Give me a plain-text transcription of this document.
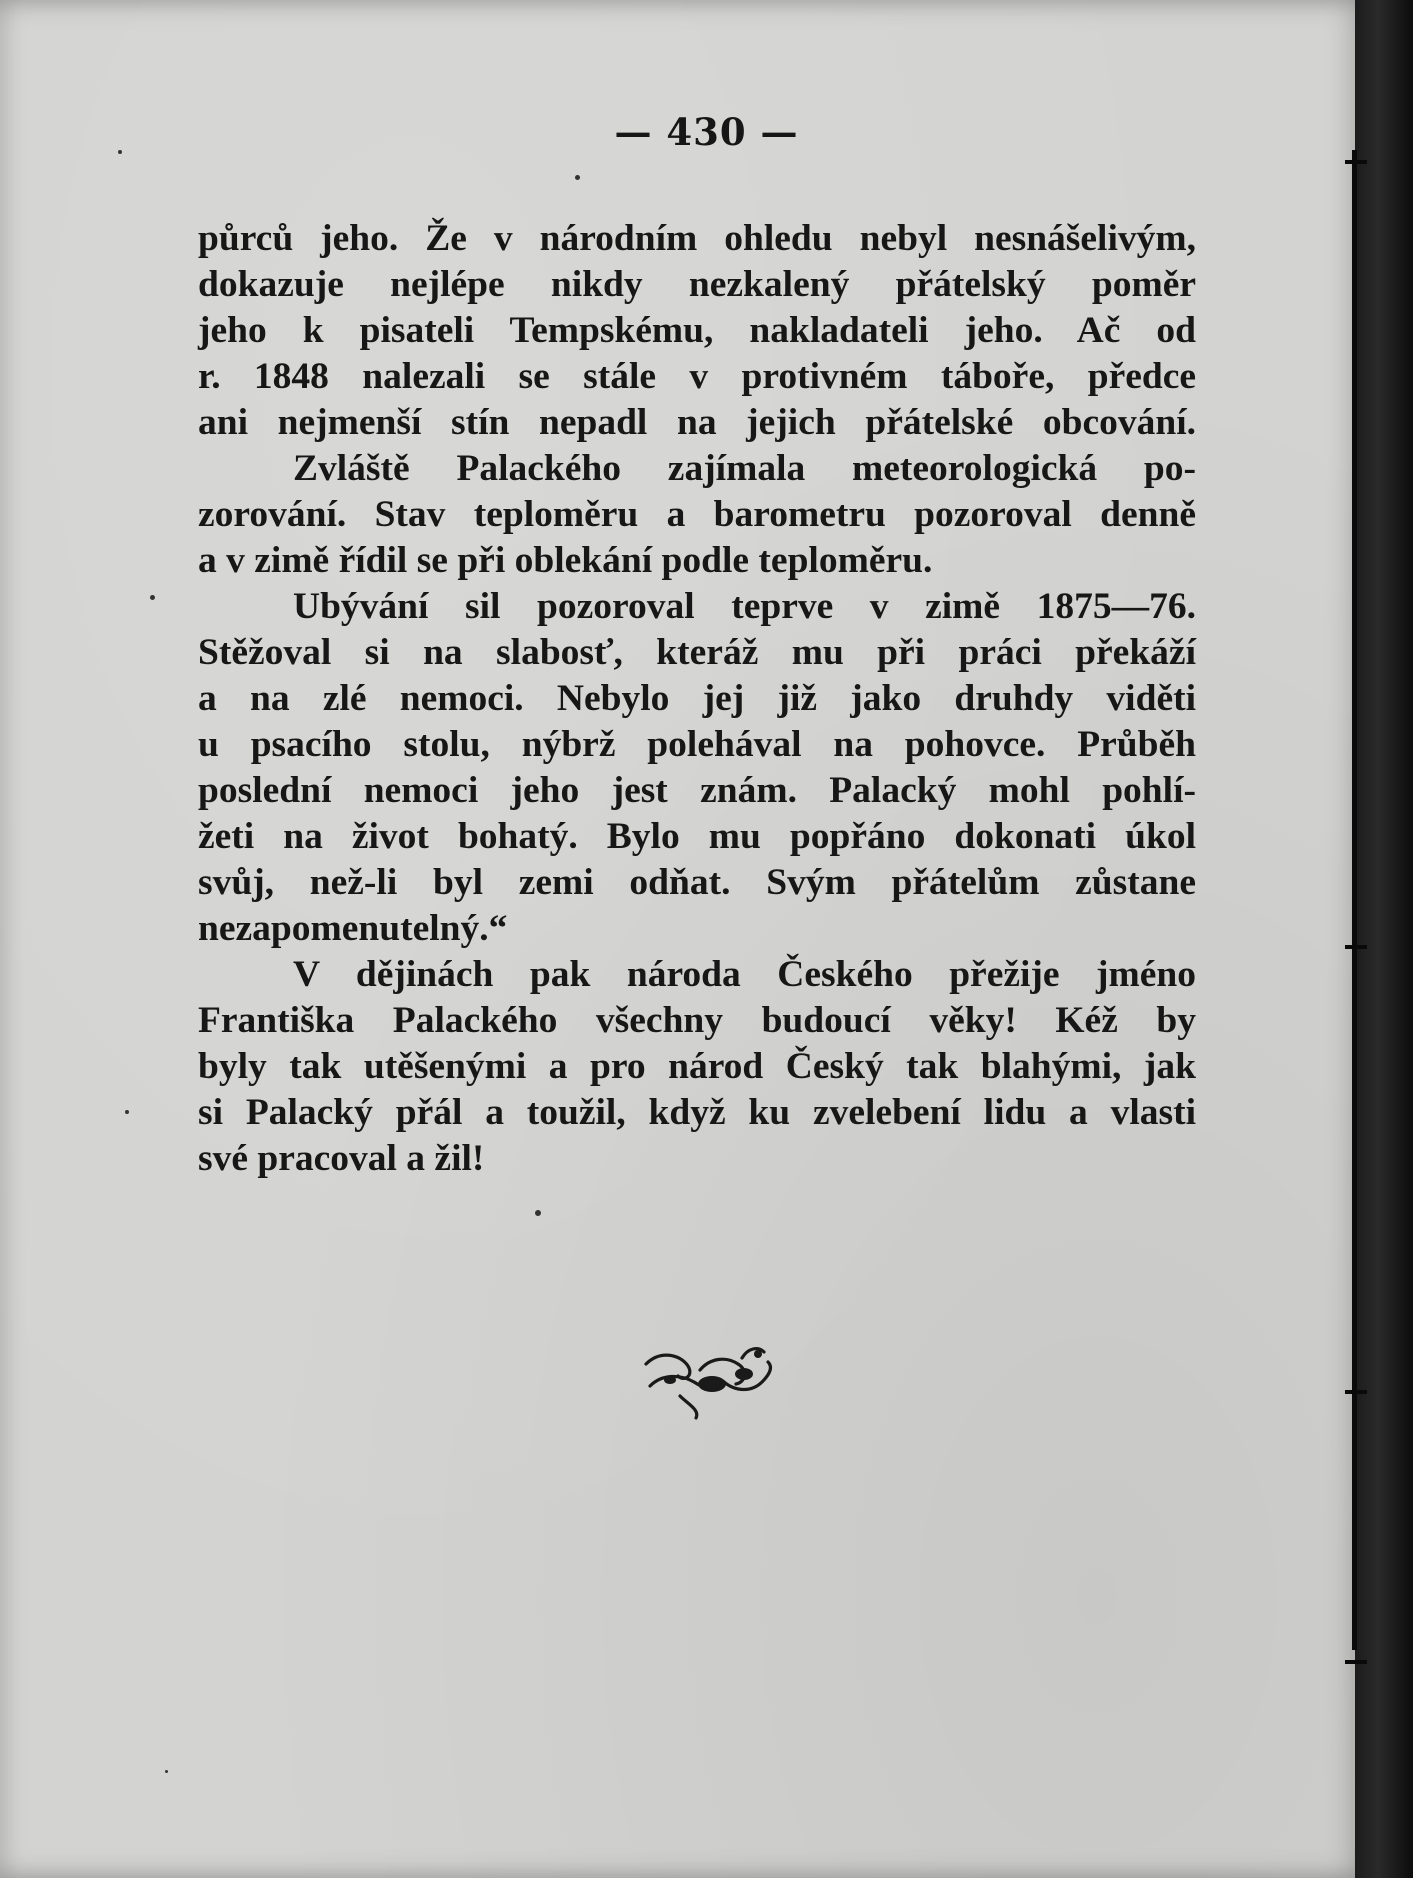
— 430 —
půrců jeho. Že v národním ohledu nebyl nesnášelivým,
dokazuje nejlépe nikdy nezkalený přátelský poměr
jeho k pisateli Tempskému, nakladateli jeho. Ač od
r. 1848 nalezali se stále v protivném táboře, předce
ani nejmenší stín nepadl na jejich přátelské obcování.
Zvláště Palackého zajímala meteorologická po-
zorování. Stav teploměru a barometru pozoroval denně
a v zimě řídil se při oblekání podle teploměru.
Ubývání sil pozoroval teprve v zimě 1875—76.
Stěžoval si na slabosť, kteráž mu při práci překáží
a na zlé nemoci. Nebylo jej již jako druhdy viděti
u psacího stolu, nýbrž polehával na pohovce. Průběh
poslední nemoci jeho jest znám. Palacký mohl pohlí-
žeti na život bohatý. Bylo mu popřáno dokonati úkol
svůj, než-li byl zemi odňat. Svým přátelům zůstane
nezapomenutelný.“
V dějinách pak národa Českého přežije jméno
Františka Palackého všechny budoucí věky! Kéž by
byly tak utěšenými a pro národ Český tak blahými, jak
si Palacký přál a toužil, když ku zvelebení lidu a vlasti
své pracoval a žil!
